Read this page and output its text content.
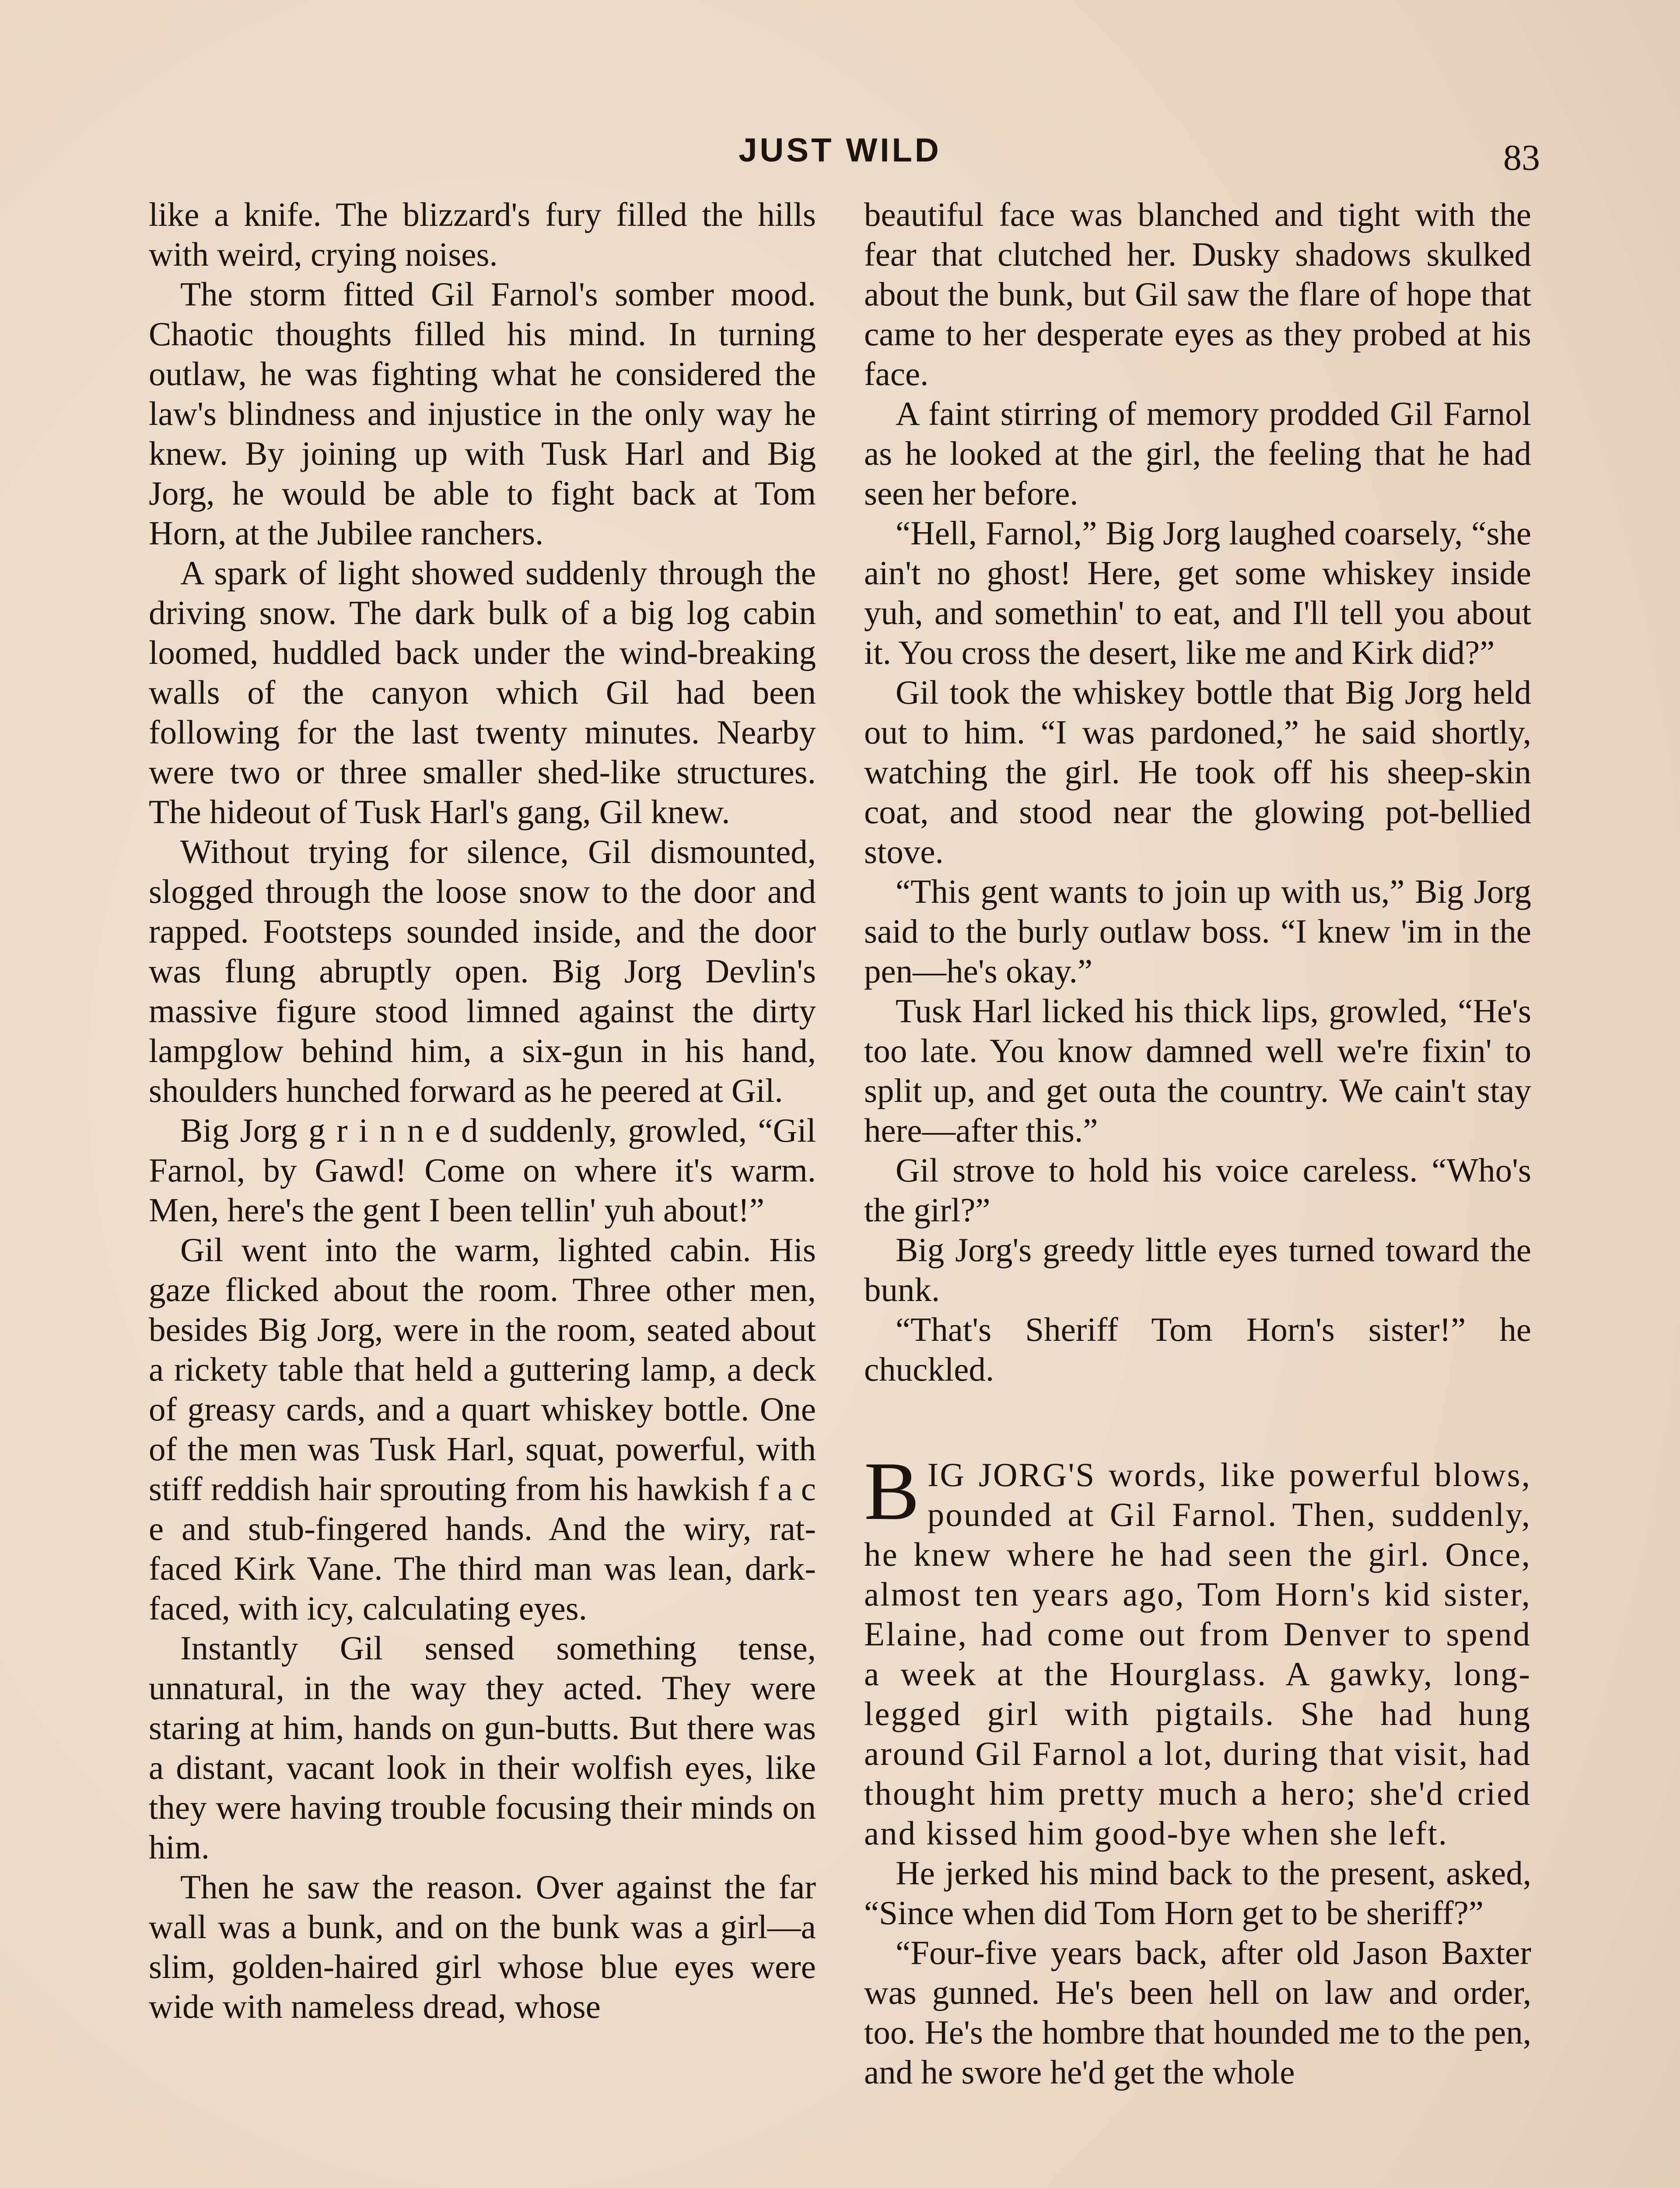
JUST WILD	83

like a knife. The blizzard's fury filled the hills with weird, crying noises.

The storm fitted Gil Farnol's somber mood. Chaotic thoughts filled his mind. In turning outlaw, he was fighting what he considered the law's blindness and injustice in the only way he knew. By joining up with Tusk Harl and Big Jorg, he would be able to fight back at Tom Horn, at the Jubilee ranchers.

A spark of light showed suddenly through the driving snow. The dark bulk of a big log cabin loomed, huddled back under the wind-breaking walls of the canyon which Gil had been following for the last twenty minutes. Nearby were two or three smaller shed-like structures. The hideout of Tusk Harl's gang, Gil knew.

Without trying for silence, Gil dismounted, slogged through the loose snow to the door and rapped. Footsteps sounded inside, and the door was flung abruptly open. Big Jorg Devlin's massive figure stood limned against the dirty lampglow behind him, a six-gun in his hand, shoulders hunched forward as he peered at Gil.

Big Jorg g r i n n e d suddenly, growled, “Gil Farnol, by Gawd! Come on where it's warm. Men, here's the gent I been tellin' yuh about!”

Gil went into the warm, lighted cabin. His gaze flicked about the room. Three other men, besides Big Jorg, were in the room, seated about a rickety table that held a guttering lamp, a deck of greasy cards, and a quart whiskey bottle. One of the men was Tusk Harl, squat, powerful, with stiff reddish hair sprouting from his hawkish f a c e and stub-fingered hands. And the wiry, rat-faced Kirk Vane. The third man was lean, dark-faced, with icy, calculating eyes.

Instantly Gil sensed something tense, unnatural, in the way they acted. They were staring at him, hands on gun-butts. But there was a distant, vacant look in their wolfish eyes, like they were having trouble focusing their minds on him.

Then he saw the reason. Over against the far wall was a bunk, and on the bunk was a girl—a slim, golden-haired girl whose blue eyes were wide with nameless dread, whose

beautiful face was blanched and tight with the fear that clutched her. Dusky shadows skulked about the bunk, but Gil saw the flare of hope that came to her desperate eyes as they probed at his face.

A faint stirring of memory prodded Gil Farnol as he looked at the girl, the feeling that he had seen her before.

“Hell, Farnol,” Big Jorg laughed coarsely, “she ain't no ghost! Here, get some whiskey inside yuh, and somethin' to eat, and I'll tell you about it. You cross the desert, like me and Kirk did?”

Gil took the whiskey bottle that Big Jorg held out to him. “I was pardoned,” he said shortly, watching the girl. He took off his sheep-skin coat, and stood near the glowing pot-bellied stove.

“This gent wants to join up with us,” Big Jorg said to the burly outlaw boss. “I knew 'im in the pen—he's okay.”

Tusk Harl licked his thick lips, growled, “He's too late. You know damned well we're fixin' to split up, and get outa the country. We cain't stay here—after this.”

Gil strove to hold his voice careless. “Who's the girl?”

Big Jorg's greedy little eyes turned toward the bunk.

“That's Sheriff Tom Horn's sister!” he chuckled.

BIG JORG'S words, like powerful blows, pounded at Gil Farnol. Then, suddenly, he knew where he had seen the girl. Once, almost ten years ago, Tom Horn's kid sister, Elaine, had come out from Denver to spend a week at the Hourglass. A gawky, long-legged girl with pigtails. She had hung around Gil Farnol a lot, during that visit, had thought him pretty much a hero; she'd cried and kissed him good-bye when she left.

He jerked his mind back to the present, asked, “Since when did Tom Horn get to be sheriff?”

“Four-five years back, after old Jason Baxter was gunned. He's been hell on law and order, too. He's the hombre that hounded me to the pen, and he swore he'd get the whole
